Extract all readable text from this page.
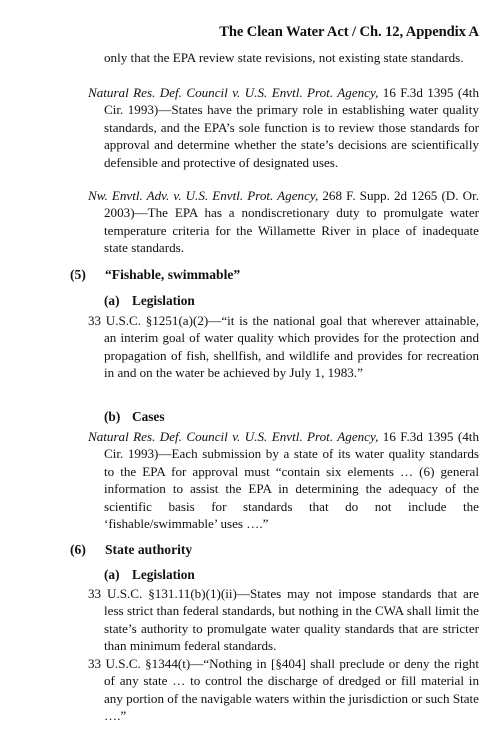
The Clean Water Act / Ch. 12, Appendix A
only that the EPA review state revisions, not existing state standards.
Natural Res. Def. Council v. U.S. Envtl. Prot. Agency, 16 F.3d 1395 (4th Cir. 1993)—States have the primary role in establishing water quality standards, and the EPA’s sole function is to review those standards for approval and determine whether the state’s decisions are scientifically defensible and protective of designated uses.
Nw. Envtl. Adv. v. U.S. Envtl. Prot. Agency, 268 F. Supp. 2d 1265 (D. Or. 2003)—The EPA has a nondiscretionary duty to promulgate water temperature criteria for the Willamette River in place of inadequate state standards.
(5) “Fishable, swimmable”
(a) Legislation
33 U.S.C. §1251(a)(2)—“it is the national goal that wherever attainable, an interim goal of water quality which provides for the protection and propagation of fish, shellfish, and wildlife and provides for recreation in and on the water be achieved by July 1, 1983.”
(b) Cases
Natural Res. Def. Council v. U.S. Envtl. Prot. Agency, 16 F.3d 1395 (4th Cir. 1993)—Each submission by a state of its water quality standards to the EPA for approval must “contain six elements … (6) general information to assist the EPA in determining the adequacy of the scientific basis for standards that do not include the ‘fishable/swimmable’ uses ….”
(6) State authority
(a) Legislation
33 U.S.C. §131.11(b)(1)(ii)—States may not impose standards that are less strict than federal standards, but nothing in the CWA shall limit the state’s authority to promulgate water quality standards that are stricter than minimum federal standards.
33 U.S.C. §1344(t)—“Nothing in [§404] shall preclude or deny the right of any state … to control the discharge of dredged or fill material in any portion of the navigable waters within the jurisdiction or such State ….”
